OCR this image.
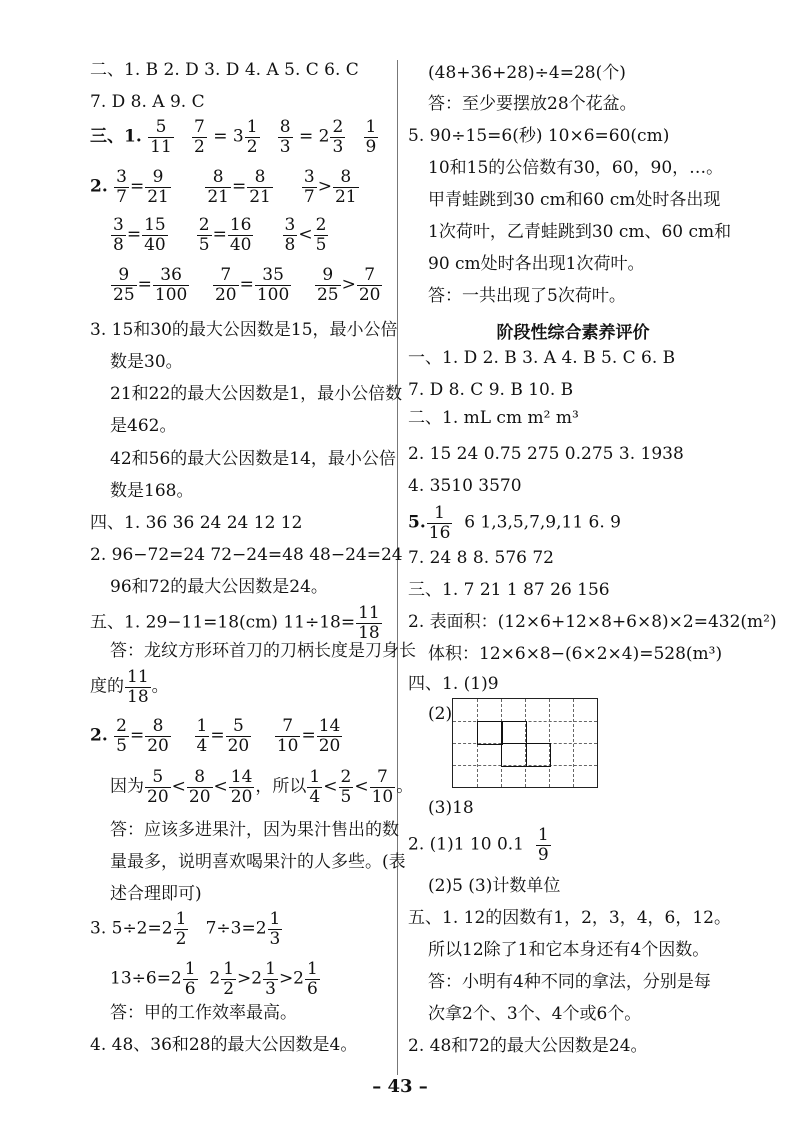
二、1. B 2. D 3. D 4. A 5. C 6. C
7. D 8. A 9. C
三、1. $\frac{5}{11}$
$\frac{7}{2} = 3 \frac{1}{2}$
$\frac{8}{3} = 2 \frac{2}{3}$
$\frac{1}{9}$
2. $\frac{3}{7} = \frac{9}{21}$
$\frac{8}{21} = \frac{8}{21}$
$\frac{3}{7} > \frac{8}{21}$
$\frac{3}{8} = \frac{15}{40}$
$\frac{2}{5} = \frac{16}{40}$
$\frac{3}{8} < \frac{2}{5}$
$\frac{9}{25} = \frac{36}{100}$
$\frac{7}{20} = \frac{35}{100}$
$\frac{9}{25} > \frac{7}{20}$
3. 15和30的最大公因数是15，最小公倍
数是30。
21和22的最大公因数是1，最小公倍数
是462。
42和56的最大公因数是14，最小公倍
数是168。
四、1. 36 36 24 24 12 12
2. 96−72=24 72−24=48 48−24=24
96和72的最大公因数是24。
五、1. 29−11=18(cm) $11\div 18= \frac{11}{18}$
答：龙纹方形环首刀的刀柄长度是刀身长
度的 $\frac{11}{18}$ 。
2. $\frac{2}{5} = \frac{8}{20}$
$\frac{1}{4} = \frac{5}{20}$
$\frac{7}{10} = \frac{14}{20}$
因为 $\frac{5}{20} < \frac{8}{20} < \frac{14}{20}$ ，所以 $\frac{1}{4} < \frac{2}{5} < \frac{7}{10}$ 。
答：应该多进果汁，因为果汁售出的数
量最多，说明喜欢喝果汁的人多些。(表
述合理即可)
3. $5\div 2=2 \frac{1}{2} 7\div 3=2 \frac{1}{3}$
$13\div 6=2 \frac{1}{6} 2 \frac{1}{2} >2 \frac{1}{3} >2 \frac{1}{6}$
答：甲的工作效率最高。
4. 48、36和28的最大公因数是4。
(48+36+28)÷4=28(个)
答：至少要摆放28个花盆。
5. 90÷15=6(秒) 10×6=60(cm)
10和15的公倍数有30，60，90，…。
甲青蛙跳到30 cm和60 cm处时各出现
1次荷叶，乙青蛙跳到30 cm、60 cm和
90 cm处时各出现1次荷叶。
答：一共出现了5次荷叶。
阶段性综合素养评价
一、1. D 2. B 3. A 4. B 5. C 6. B
7. D 8. C 9. B 10. B
二、1. mL cm m² m³
2. 15 24 0.75 275 0.275 3. 1938
4. 3510 3570
5. $\frac{1}{16} 6$ 1,3,5,7,9,11 6. 9
7. 24 8 8. 576 72
三、1. 7 21 1 87 26 156
2. 表面积：(12×6+12×8+6×8)×2=432(m²)
体积：12×6×8−(6×2×4)=528(m³)
四、1. (1)9
(2)
(3)18
2. (1)1 10 $0.1 \frac{1}{9}$
(2)5 (3)计数单位
五、1. 12的因数有1，2，3，4，6，12。
所以12除了1和它本身还有4个因数。
答：小明有4种不同的拿法，分别是每
次拿2个、3个、4个或6个。
2. 48和72的最大公因数是24。
– 43 –
